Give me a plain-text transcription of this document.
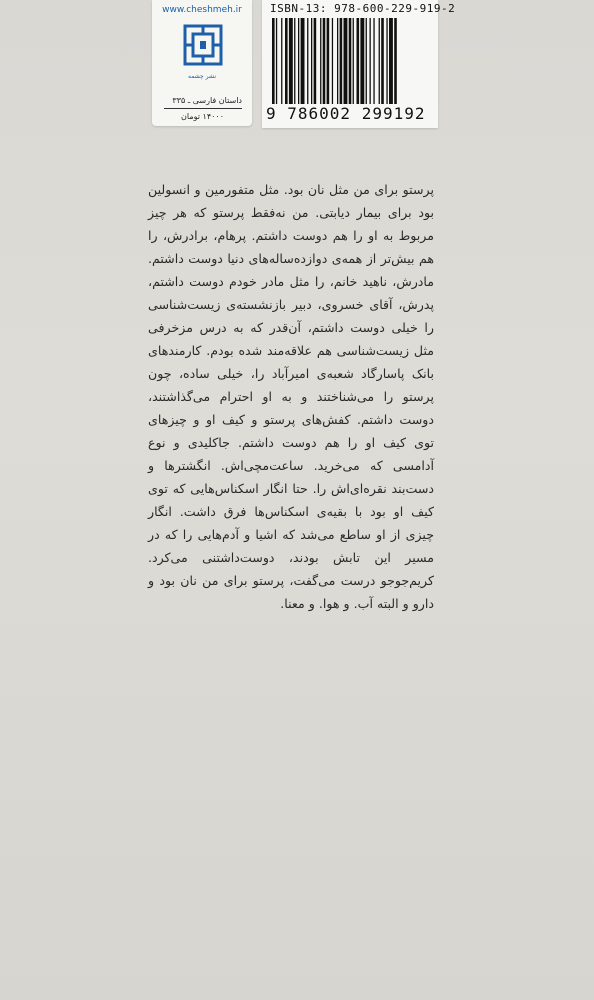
www.cheshmeh.ir
نشر چشمه
داستان فارسی ـ ۳۳۵
۱۴۰۰۰ تومان
ISBN-13: 978-600-229-919-2
9 786002 299192

پرستو برای من مثل نان بود. مثل متفورمین و انسولین بود برای بیمار دیابتی. من نه‌فقط پرستو که هر چیز مربوط به او را هم دوست داشتم. پرهام، برادرش، را هم بیش‌تر از همه‌ی دوازده‌ساله‌های دنیا دوست داشتم. مادرش، ناهید خانم، را مثل مادر خودم دوست داشتم، پدرش، آقای خسروی، دبیر بازنشسته‌ی زیست‌شناسی را خیلی دوست داشتم، آن‌قدر که به درس مزخرفی مثل زیست‌شناسی هم علاقه‌مند شده بودم. کارمندهای بانک پاسارگاد شعبه‌ی امیرآباد را، خیلی ساده، چون پرستو را می‌شناختند و به او احترام می‌گذاشتند، دوست داشتم. کفش‌های پرستو و کیف او و چیزهای توی کیف او را هم دوست داشتم. جاکلیدی و نوع آدامسی که می‌خرید. ساعت‌مچی‌اش. انگشترها و دست‌بند نقره‌ای‌اش را. حتا انگار اسکناس‌هایی که توی کیف او بود با بقیه‌ی اسکناس‌ها فرق داشت. انگار چیزی از او ساطع می‌شد که اشیا و آدم‌هایی را که در مسیر این تابش بودند، دوست‌داشتنی می‌کرد. کریم‌جوجو درست می‌گفت، پرستو برای من نان بود و دارو و البته آب. و هوا. و معنا.
